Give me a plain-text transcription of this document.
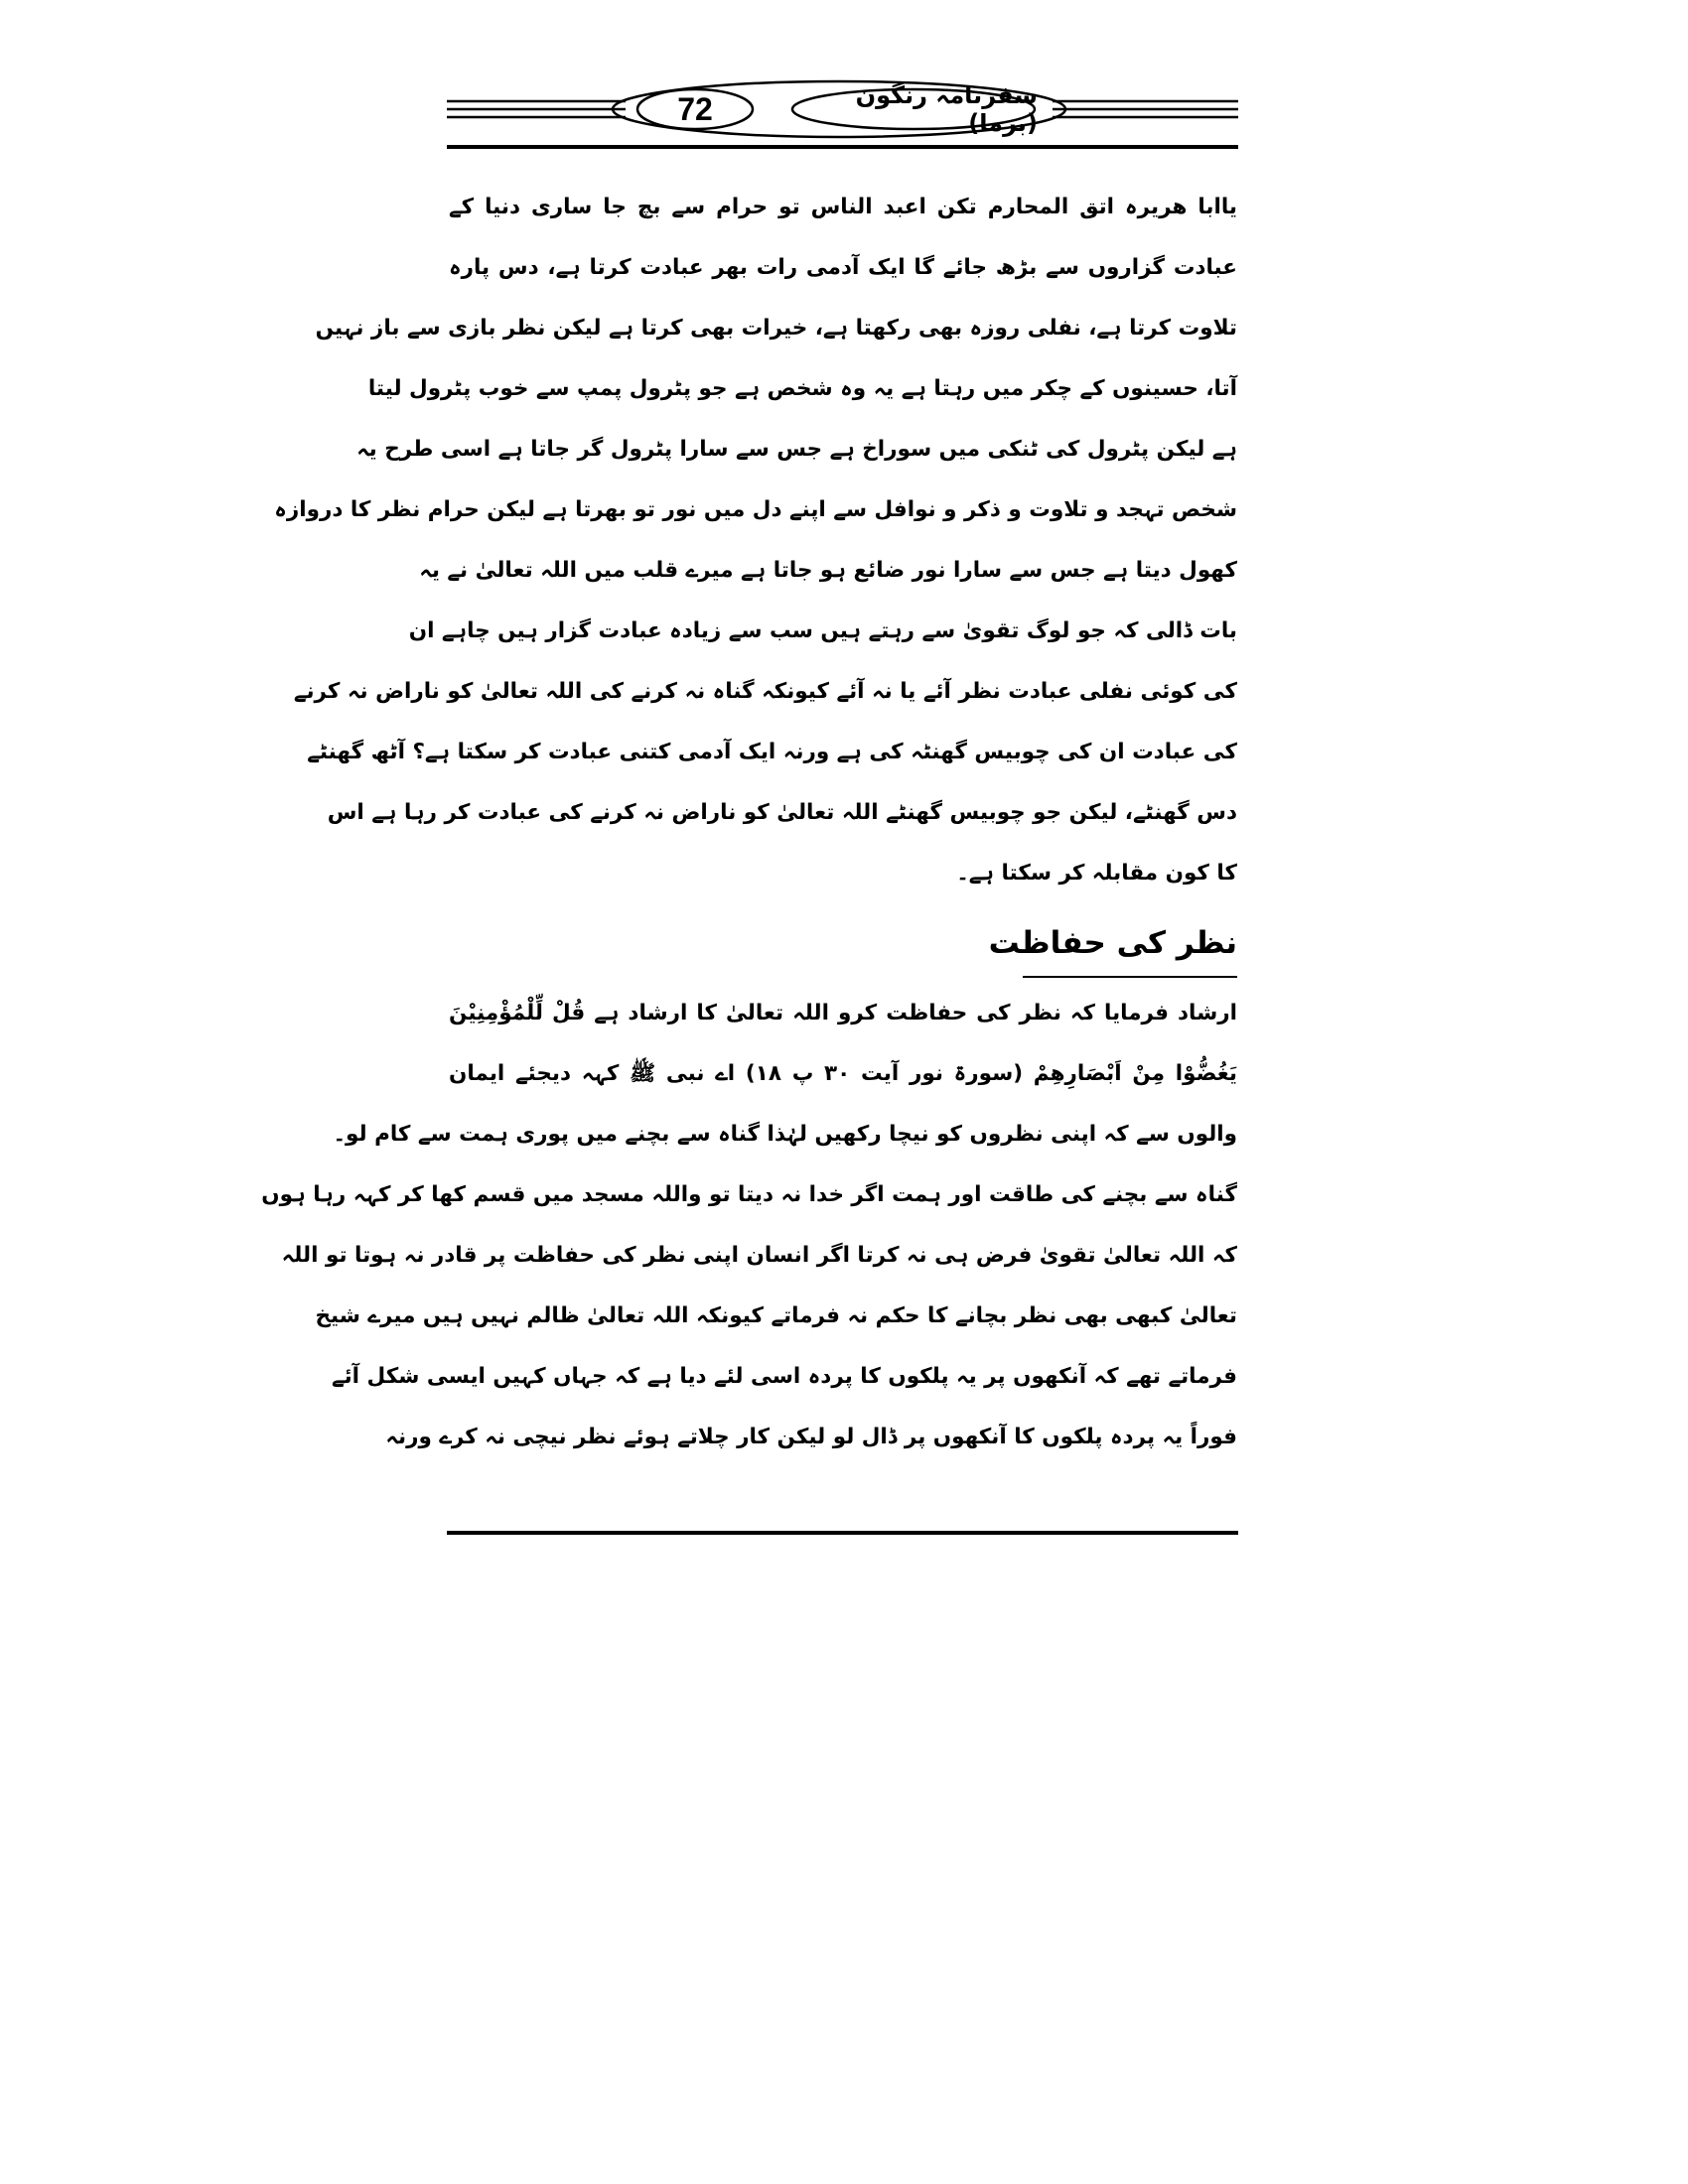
72	سفرنامہ رنگون (برما)
یاابا ھریرہ اتق المحارم تکن اعبد الناس تو حرام سے بچ جا ساری دنیا کے
عبادت گزاروں سے بڑھ جائے گا ایک آدمی رات بھر عبادت کرتا ہے، دس پارہ
تلاوت کرتا ہے، نفلی روزہ بھی رکھتا ہے، خیرات بھی کرتا ہے لیکن نظر بازی سے باز نہیں
آتا، حسینوں کے چکر میں رہتا ہے یہ وہ شخص ہے جو پٹرول پمپ سے خوب پٹرول لیتا
ہے لیکن پٹرول کی ٹنکی میں سوراخ ہے جس سے سارا پٹرول گر جاتا ہے اسی طرح یہ
شخص تہجد و تلاوت و ذکر و نوافل سے اپنے دل میں نور تو بھرتا ہے لیکن حرام نظر کا دروازہ
کھول دیتا ہے جس سے سارا نور ضائع ہو جاتا ہے میرے قلب میں اللہ تعالیٰ نے یہ
بات ڈالی کہ جو لوگ تقویٰ سے رہتے ہیں سب سے زیادہ عبادت گزار ہیں چاہے ان
کی کوئی نفلی عبادت نظر آئے یا نہ آئے کیونکہ گناہ نہ کرنے کی اللہ تعالیٰ کو ناراض نہ کرنے
کی عبادت ان کی چوبیس گھنٹہ کی ہے ورنہ ایک آدمی کتنی عبادت کر سکتا ہے؟ آٹھ گھنٹے
دس گھنٹے، لیکن جو چوبیس گھنٹے اللہ تعالیٰ کو ناراض نہ کرنے کی عبادت کر رہا ہے اس
کا کون مقابلہ کر سکتا ہے۔
نظر کی حفاظت
ارشاد فرمایا کہ نظر کی حفاظت کرو اللہ تعالیٰ کا ارشاد ہے قُلْ لِّلْمُؤْمِنِیْنَ
یَغُضُّوْا مِنْ اَبْصَارِھِمْ (سورۃ نور آیت ۳۰ پ ۱۸) اے نبی ﷺ کہہ دیجئے ایمان
والوں سے کہ اپنی نظروں کو نیچا رکھیں لہٰذا گناہ سے بچنے میں پوری ہمت سے کام لو۔
گناہ سے بچنے کی طاقت اور ہمت اگر خدا نہ دیتا تو واللہ مسجد میں قسم کھا کر کہہ رہا ہوں
کہ اللہ تعالیٰ تقویٰ فرض ہی نہ کرتا اگر انسان اپنی نظر کی حفاظت پر قادر نہ ہوتا تو اللہ
تعالیٰ کبھی بھی نظر بچانے کا حکم نہ فرماتے کیونکہ اللہ تعالیٰ ظالم نہیں ہیں میرے شیخ
فرماتے تھے کہ آنکھوں پر یہ پلکوں کا پردہ اسی لئے دیا ہے کہ جہاں کہیں ایسی شکل آئے
فوراً یہ پردہ پلکوں کا آنکھوں پر ڈال لو لیکن کار چلاتے ہوئے نظر نیچی نہ کرے ورنہ
